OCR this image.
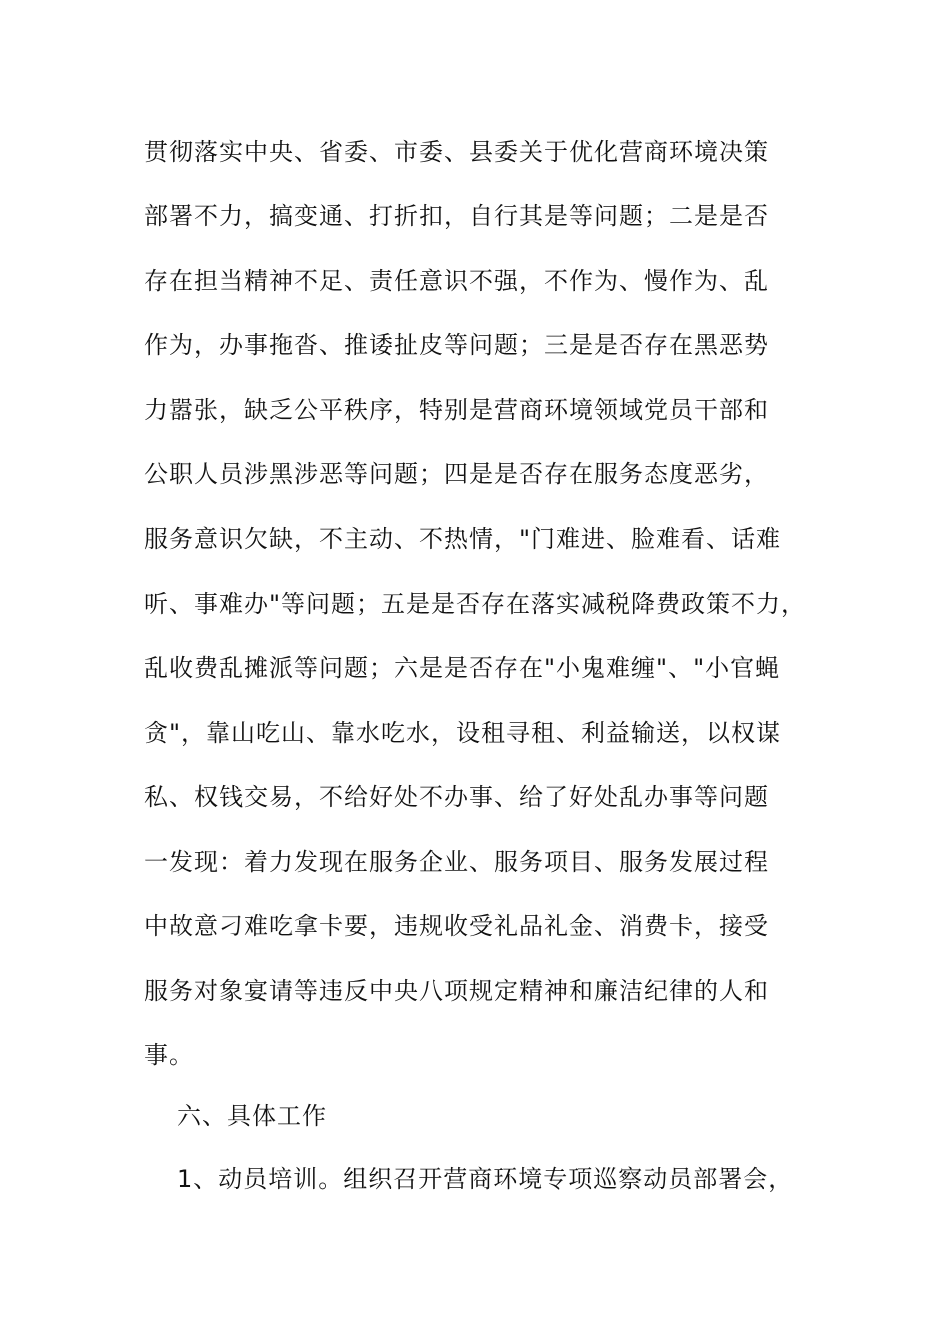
贯彻落实中央、省委、市委、县委关于优化营商环境决策
部署不力，搞变通、打折扣，自行其是等问题；二是是否
存在担当精神不足、责任意识不强，不作为、慢作为、乱
作为，办事拖沓、推诿扯皮等问题；三是是否存在黑恶势
力嚣张，缺乏公平秩序，特别是营商环境领域党员干部和
公职人员涉黑涉恶等问题；四是是否存在服务态度恶劣，
服务意识欠缺，不主动、不热情，"门难进、脸难看、话难
听、事难办"等问题；五是是否存在落实减税降费政策不力，
乱收费乱摊派等问题；六是是否存在"小鬼难缠"、"小官蝇
贪"，靠山吃山、靠水吃水，设租寻租、利益输送，以权谋
私、权钱交易，不给好处不办事、给了好处乱办事等问题
一发现：着力发现在服务企业、服务项目、服务发展过程
中故意刁难吃拿卡要，违规收受礼品礼金、消费卡，接受
服务对象宴请等违反中央八项规定精神和廉洁纪律的人和
事。
六、具体工作
1、动员培训。组织召开营商环境专项巡察动员部署会，
